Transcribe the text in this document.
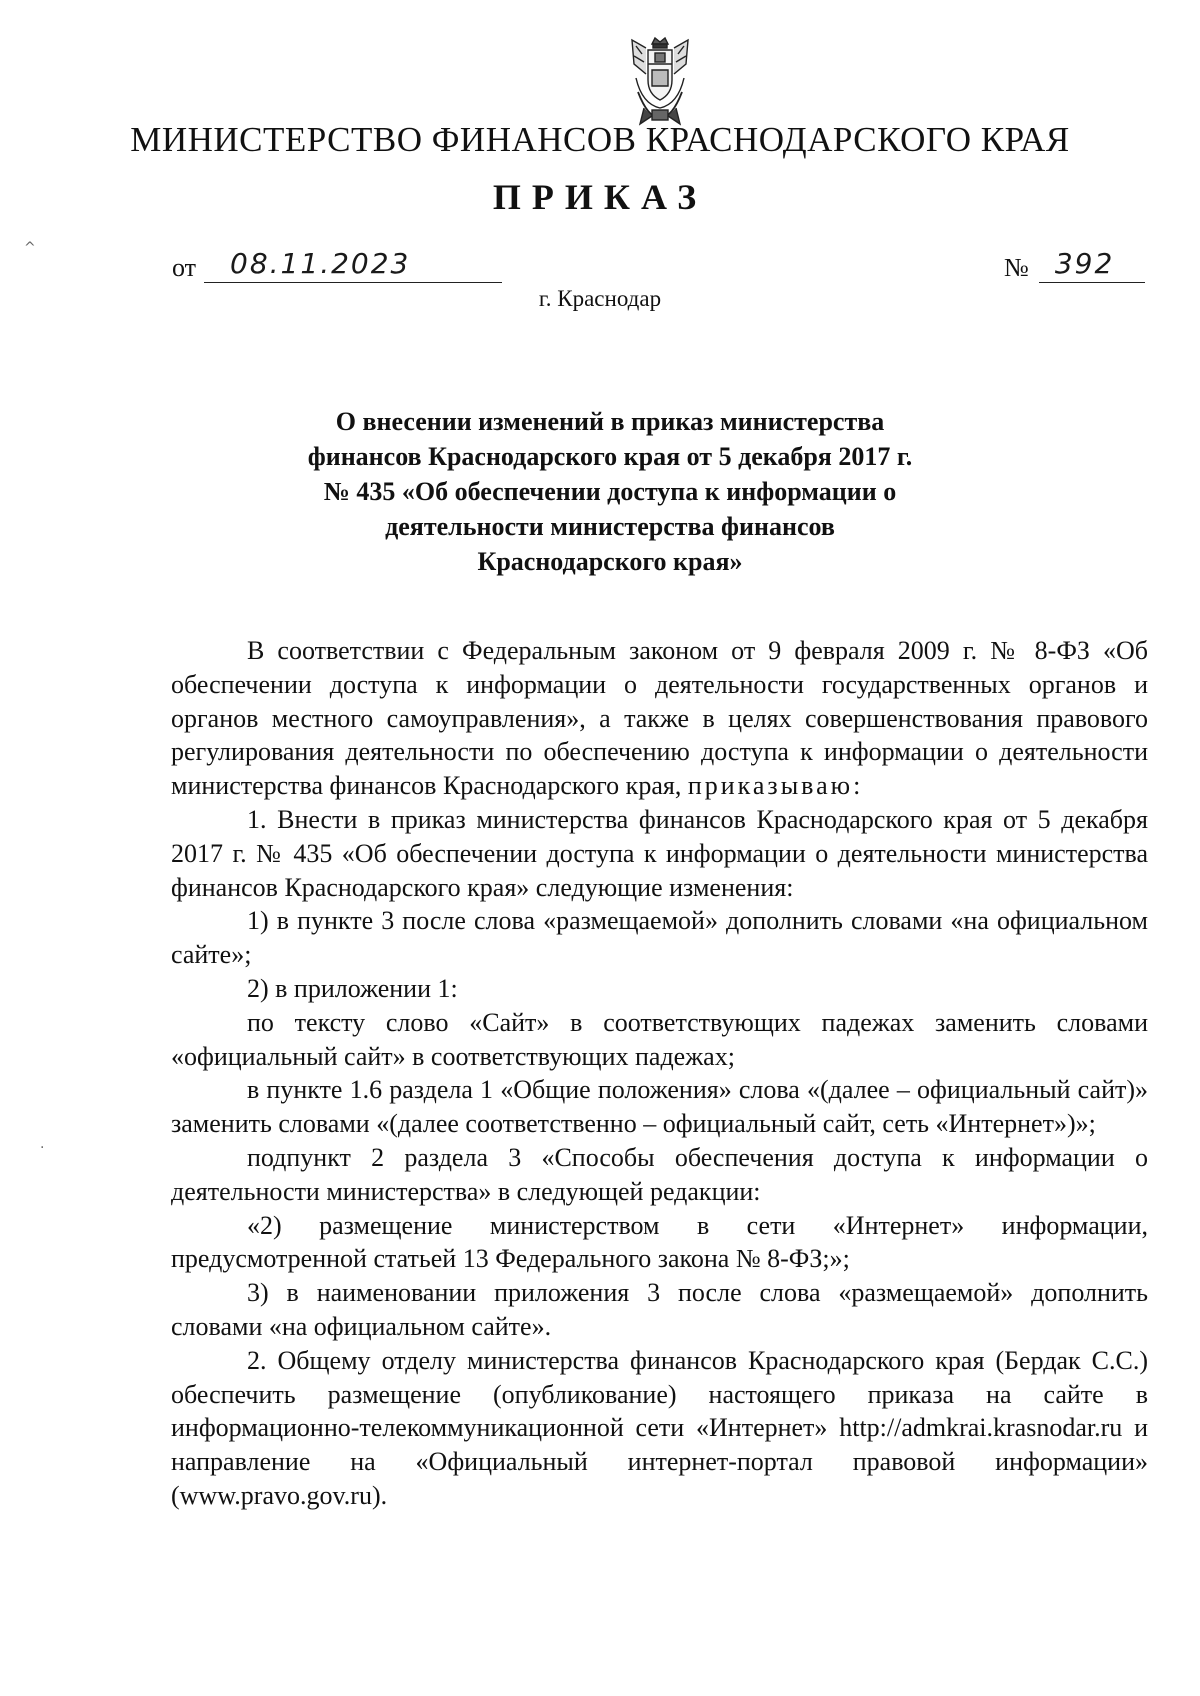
МИНИСТЕРСТВО ФИНАНСОВ КРАСНОДАРСКОГО КРАЯ
ПРИКАЗ
от 08.11.2023	№ 392
г. Краснодар
О внесении изменений в приказ министерства
финансов Краснодарского края от 5 декабря 2017 г.
№ 435 «Об обеспечении доступа к информации о
деятельности министерства финансов
Краснодарского края»

В соответствии с Федеральным законом от 9 февраля 2009 г. № 8-ФЗ «Об обеспечении доступа к информации о деятельности государственных органов и органов местного самоуправления», а также в целях совершенствования правового регулирования деятельности по обеспечению доступа к информации о деятельности министерства финансов Краснодарского края, приказываю:

1. Внести в приказ министерства финансов Краснодарского края от 5 декабря 2017 г. № 435 «Об обеспечении доступа к информации о деятельности министерства финансов Краснодарского края» следующие изменения:

1) в пункте 3 после слова «размещаемой» дополнить словами «на официальном сайте»;

2) в приложении 1:

по тексту слово «Сайт» в соответствующих падежах заменить словами «официальный сайт» в соответствующих падежах;

в пункте 1.6 раздела 1 «Общие положения» слова «(далее – официальный сайт)» заменить словами «(далее соответственно – официальный сайт, сеть «Интернет»)»;

подпункт 2 раздела 3 «Способы обеспечения доступа к информации о деятельности министерства» в следующей редакции:

«2) размещение министерством в сети «Интернет» информации, предусмотренной статьей 13 Федерального закона № 8-ФЗ;»;

3) в наименовании приложения 3 после слова «размещаемой» дополнить словами «на официальном сайте».

2. Общему отделу министерства финансов Краснодарского края (Бердак С.С.) обеспечить размещение (опубликование) настоящего приказа на сайте в информационно-телекоммуникационной сети «Интернет» http://admkrai.krasnodar.ru и направление на «Официальный интернет-портал правовой информации» (www.pravo.gov.ru).

^
·
